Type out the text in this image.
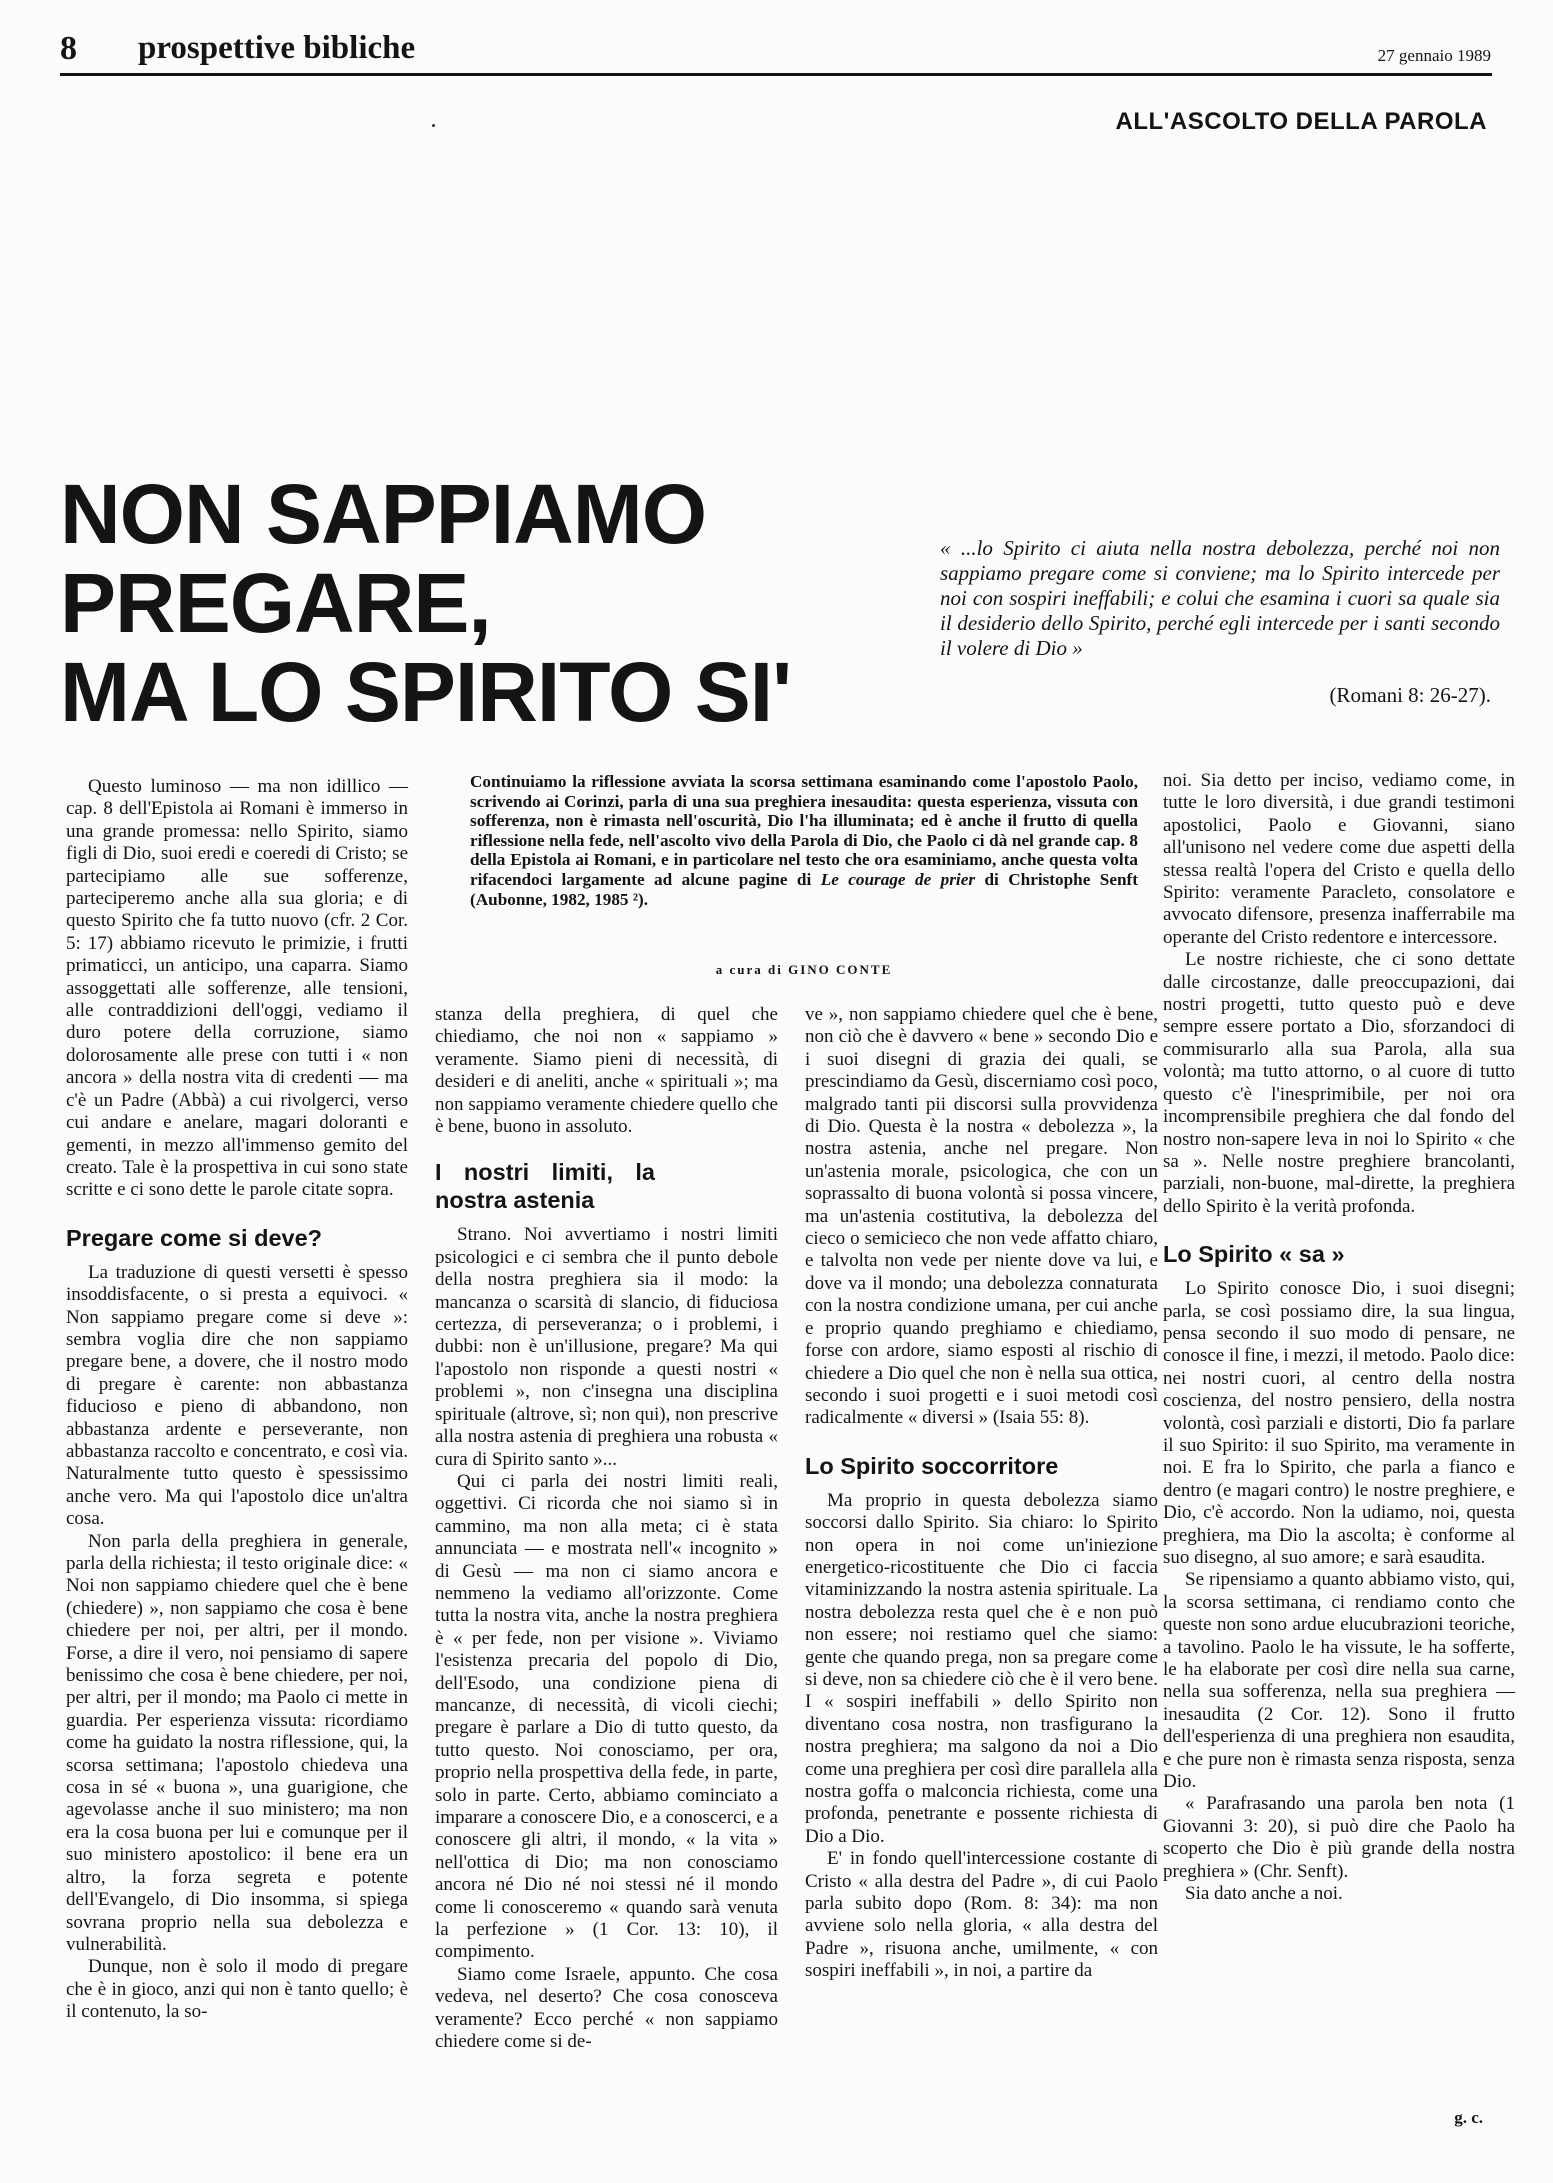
8 prospettive bibliche	27 gennaio 1989
ALL'ASCOLTO DELLA PAROLA
NON SAPPIAMO
PREGARE,
MA LO SPIRITO SI'
« ...lo Spirito ci aiuta nella nostra debolezza, perché noi non sappiamo pregare come si conviene; ma lo Spirito intercede per noi con sospiri ineffabili; e colui che esamina i cuori sa quale sia il desiderio dello Spirito, perché egli intercede per i santi secondo il volere di Dio »
(Romani 8: 26-27).
Continuiamo la riflessione avviata la scorsa settimana esaminando come l'apostolo Paolo, scrivendo ai Corinzi, parla di una sua preghiera inesaudita: questa esperienza, vissuta con sofferenza, non è rimasta nell'oscurità, Dio l'ha illuminata; ed è anche il frutto di quella riflessione nella fede, nell'ascolto vivo della Parola di Dio, che Paolo ci dà nel grande cap. 8 della Epistola ai Romani, e in particolare nel testo che ora esaminiamo, anche questa volta rifacendoci largamente ad alcune pagine di Le courage de prier di Christophe Senft (Aubonne, 1982, 1985 ²).
a cura di GINO CONTE

Questo luminoso — ma non idillico — cap. 8 dell'Epistola ai Romani è immerso in una grande promessa: nello Spirito, siamo figli di Dio, suoi eredi e coeredi di Cristo; se partecipiamo alle sue sofferenze, parteciperemo anche alla sua gloria; e di questo Spirito che fa tutto nuovo (cfr. 2 Cor. 5: 17) abbiamo ricevuto le primizie, i frutti primaticci, un anticipo, una caparra. Siamo assoggettati alle sofferenze, alle tensioni, alle contraddizioni dell'oggi, vediamo il duro potere della corruzione, siamo dolorosamente alle prese con tutti i « non ancora » della nostra vita di credenti — ma c'è un Padre (Abbà) a cui rivolgerci, verso cui andare e anelare, magari doloranti e gementi, in mezzo all'immenso gemito del creato. Tale è la prospettiva in cui sono state scritte e ci sono dette le parole citate sopra.

Pregare come si deve?

La traduzione di questi versetti è spesso insoddisfacente, o si presta a equivoci. « Non sappiamo pregare come si deve »: sembra voglia dire che non sappiamo pregare bene, a dovere, che il nostro modo di pregare è carente: non abbastanza fiducioso e pieno di abbandono, non abbastanza ardente e perseverante, non abbastanza raccolto e concentrato, e così via. Naturalmente tutto questo è spessissimo anche vero. Ma qui l'apostolo dice un'altra cosa.

Non parla della preghiera in generale, parla della richiesta; il testo originale dice: « Noi non sappiamo chiedere quel che è bene (chiedere) », non sappiamo che cosa è bene chiedere per noi, per altri, per il mondo. Forse, a dire il vero, noi pensiamo di sapere benissimo che cosa è bene chiedere, per noi, per altri, per il mondo; ma Paolo ci mette in guardia. Per esperienza vissuta: ricordiamo come ha guidato la nostra riflessione, qui, la scorsa settimana; l'apostolo chiedeva una cosa in sé « buona », una guarigione, che agevolasse anche il suo ministero; ma non era la cosa buona per lui e comunque per il suo ministero apostolico: il bene era un altro, la forza segreta e potente dell'Evangelo, di Dio insomma, si spiega sovrana proprio nella sua debolezza e vulnerabilità.

Dunque, non è solo il modo di pregare che è in gioco, anzi qui non è tanto quello; è il contenuto, la so-

stanza della preghiera, di quel che chiediamo, che noi non « sappiamo » veramente. Siamo pieni di necessità, di desideri e di aneliti, anche « spirituali »; ma non sappiamo veramente chiedere quello che è bene, buono in assoluto.

I nostri limiti, la nostra astenia

Strano. Noi avvertiamo i nostri limiti psicologici e ci sembra che il punto debole della nostra preghiera sia il modo: la mancanza o scarsità di slancio, di fiduciosa certezza, di perseveranza; o i problemi, i dubbi: non è un'illusione, pregare? Ma qui l'apostolo non risponde a questi nostri « problemi », non c'insegna una disciplina spirituale (altrove, sì; non qui), non prescrive alla nostra astenia di preghiera una robusta « cura di Spirito santo »...

Qui ci parla dei nostri limiti reali, oggettivi. Ci ricorda che noi siamo sì in cammino, ma non alla meta; ci è stata annunciata — e mostrata nell'« incognito » di Gesù — ma non ci siamo ancora e nemmeno la vediamo all'orizzonte. Come tutta la nostra vita, anche la nostra preghiera è « per fede, non per visione ». Viviamo l'esistenza precaria del popolo di Dio, dell'Esodo, una condizione piena di mancanze, di necessità, di vicoli ciechi; pregare è parlare a Dio di tutto questo, da tutto questo. Noi conosciamo, per ora, proprio nella prospettiva della fede, in parte, solo in parte. Certo, abbiamo cominciato a imparare a conoscere Dio, e a conoscerci, e a conoscere gli altri, il mondo, « la vita » nell'ottica di Dio; ma non conosciamo ancora né Dio né noi stessi né il mondo come li conosceremo « quando sarà venuta la perfezione » (1 Cor. 13: 10), il compimento.

Siamo come Israele, appunto. Che cosa vedeva, nel deserto? Che cosa conosceva veramente? Ecco perché « non sappiamo chiedere come si de-

ve », non sappiamo chiedere quel che è bene, non ciò che è davvero « bene » secondo Dio e i suoi disegni di grazia dei quali, se prescindiamo da Gesù, discerniamo così poco, malgrado tanti pii discorsi sulla provvidenza di Dio. Questa è la nostra « debolezza », la nostra astenia, anche nel pregare. Non un'astenia morale, psicologica, che con un soprassalto di buona volontà si possa vincere, ma un'astenia costitutiva, la debolezza del cieco o semicieco che non vede affatto chiaro, e talvolta non vede per niente dove va lui, e dove va il mondo; una debolezza connaturata con la nostra condizione umana, per cui anche e proprio quando preghiamo e chiediamo, forse con ardore, siamo esposti al rischio di chiedere a Dio quel che non è nella sua ottica, secondo i suoi progetti e i suoi metodi così radicalmente « diversi » (Isaia 55: 8).

Lo Spirito soccorritore

Ma proprio in questa debolezza siamo soccorsi dallo Spirito. Sia chiaro: lo Spirito non opera in noi come un'iniezione energetico-ricostituente che Dio ci faccia vitaminizzando la nostra astenia spirituale. La nostra debolezza resta quel che è e non può non essere; noi restiamo quel che siamo: gente che quando prega, non sa pregare come si deve, non sa chiedere ciò che è il vero bene. I « sospiri ineffabili » dello Spirito non diventano cosa nostra, non trasfigurano la nostra preghiera; ma salgono da noi a Dio come una preghiera per così dire parallela alla nostra goffa o malconcia richiesta, come una profonda, penetrante e possente richiesta di Dio a Dio.

E' in fondo quell'intercessione costante di Cristo « alla destra del Padre », di cui Paolo parla subito dopo (Rom. 8: 34): ma non avviene solo nella gloria, « alla destra del Padre », risuona anche, umilmente, « con sospiri ineffabili », in noi, a partire da

noi. Sia detto per inciso, vediamo come, in tutte le loro diversità, i due grandi testimoni apostolici, Paolo e Giovanni, siano all'unisono nel vedere come due aspetti della stessa realtà l'opera del Cristo e quella dello Spirito: veramente Paracleto, consolatore e avvocato difensore, presenza inafferrabile ma operante del Cristo redentore e intercessore.

Le nostre richieste, che ci sono dettate dalle circostanze, dalle preoccupazioni, dai nostri progetti, tutto questo può e deve sempre essere portato a Dio, sforzandoci di commisurarlo alla sua Parola, alla sua volontà; ma tutto attorno, o al cuore di tutto questo c'è l'inesprimibile, per noi ora incomprensibile preghiera che dal fondo del nostro non-sapere leva in noi lo Spirito « che sa ». Nelle nostre preghiere brancolanti, parziali, non-buone, mal-dirette, la preghiera dello Spirito è la verità profonda.

Lo Spirito « sa »

Lo Spirito conosce Dio, i suoi disegni; parla, se così possiamo dire, la sua lingua, pensa secondo il suo modo di pensare, ne conosce il fine, i mezzi, il metodo. Paolo dice: nei nostri cuori, al centro della nostra coscienza, del nostro pensiero, della nostra volontà, così parziali e distorti, Dio fa parlare il suo Spirito: il suo Spirito, ma veramente in noi. E fra lo Spirito, che parla a fianco e dentro (e magari contro) le nostre preghiere, e Dio, c'è accordo. Non la udiamo, noi, questa preghiera, ma Dio la ascolta; è conforme al suo disegno, al suo amore; e sarà esaudita.

Se ripensiamo a quanto abbiamo visto, qui, la scorsa settimana, ci rendiamo conto che queste non sono ardue elucubrazioni teoriche, a tavolino. Paolo le ha vissute, le ha sofferte, le ha elaborate per così dire nella sua carne, nella sua sofferenza, nella sua preghiera — inesaudita (2 Cor. 12). Sono il frutto dell'esperienza di una preghiera non esaudita, e che pure non è rimasta senza risposta, senza Dio.

« Parafrasando una parola ben nota (1 Giovanni 3: 20), si può dire che Paolo ha scoperto che Dio è più grande della nostra preghiera » (Chr. Senft).

Sia dato anche a noi.

g. c.
